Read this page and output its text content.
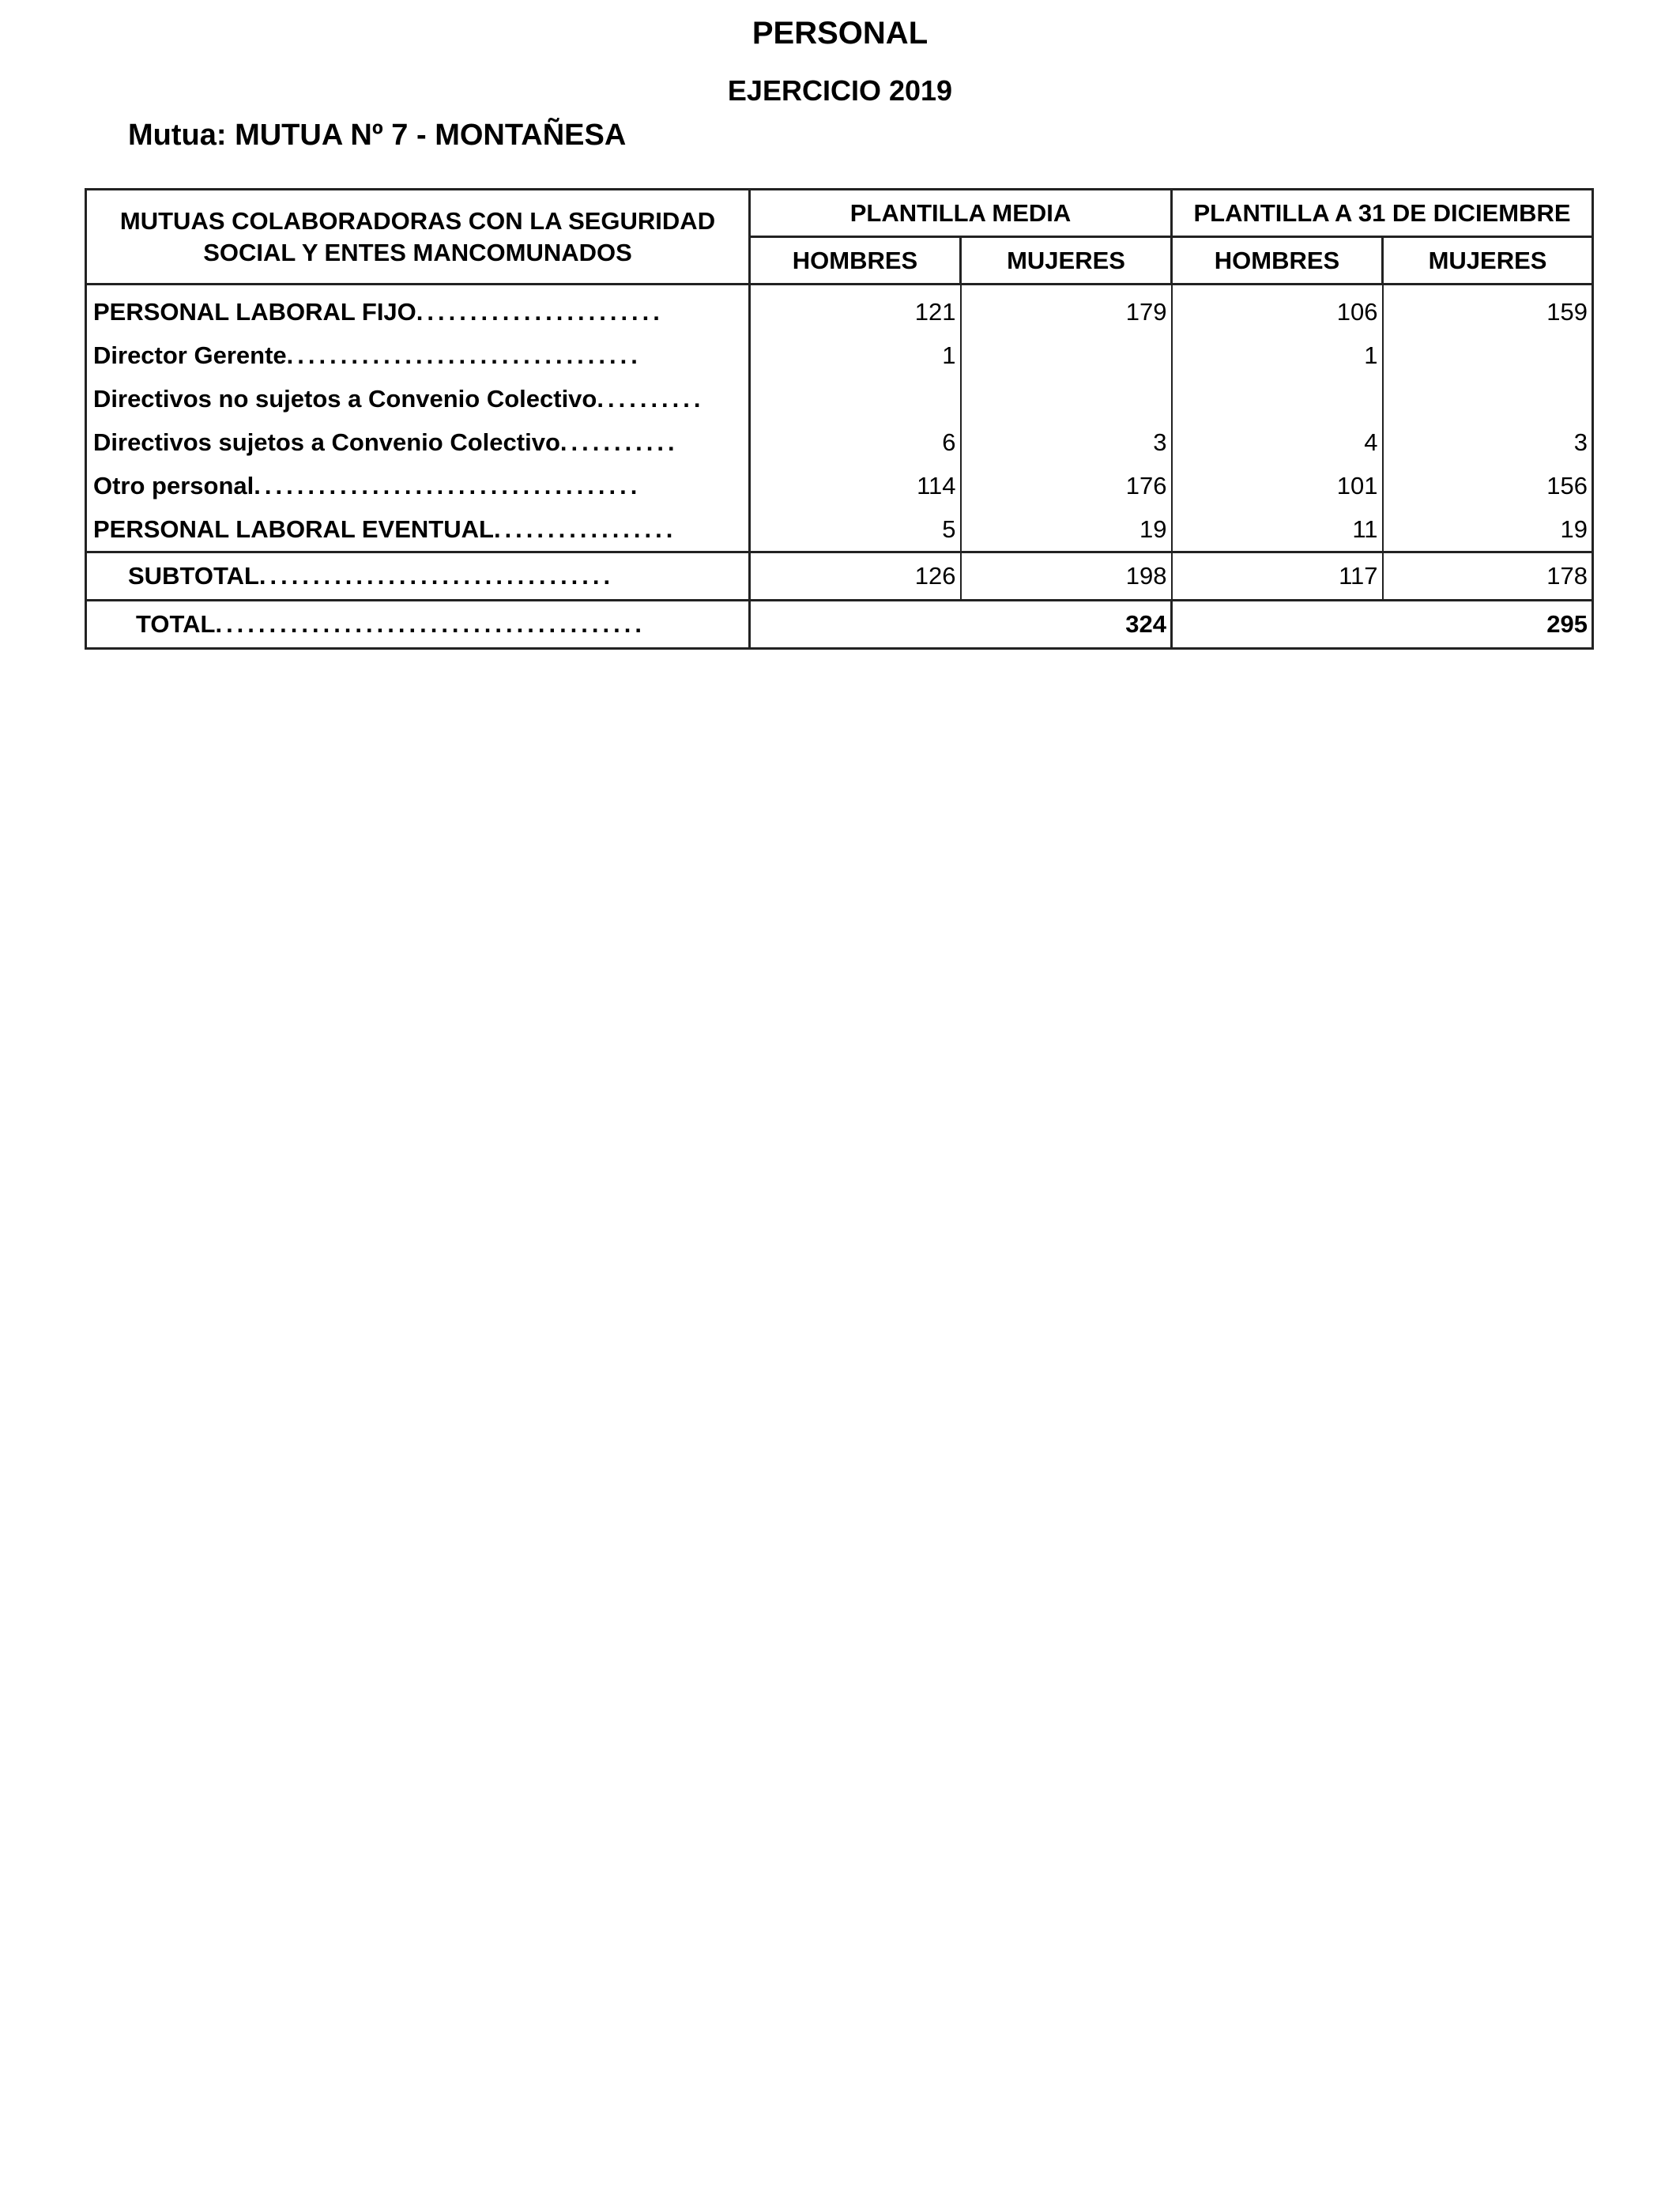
PERSONAL
EJERCICIO 2019
Mutua: MUTUA Nº 7 - MONTAÑESA
MUTUAS COLABORADORAS CON LA SEGURIDAD SOCIAL Y ENTES MANCOMUNADOS	PLANTILLA MEDIA		PLANTILLA A 31 DE DICIEMBRE	
	HOMBRES	MUJERES	HOMBRES	MUJERES
PERSONAL LABORAL FIJO.......................	121	179	106	159
Director Gerente.................................	1		1	
Directivos no sujetos a Convenio Colectivo..........				
Directivos sujetos a Convenio Colectivo...........	6	3	4	3
Otro personal....................................	114	176	101	156
PERSONAL LABORAL EVENTUAL.................	5	19	11	19
SUBTOTAL.................................	126	198	117	178
TOTAL........................................	324		295	
